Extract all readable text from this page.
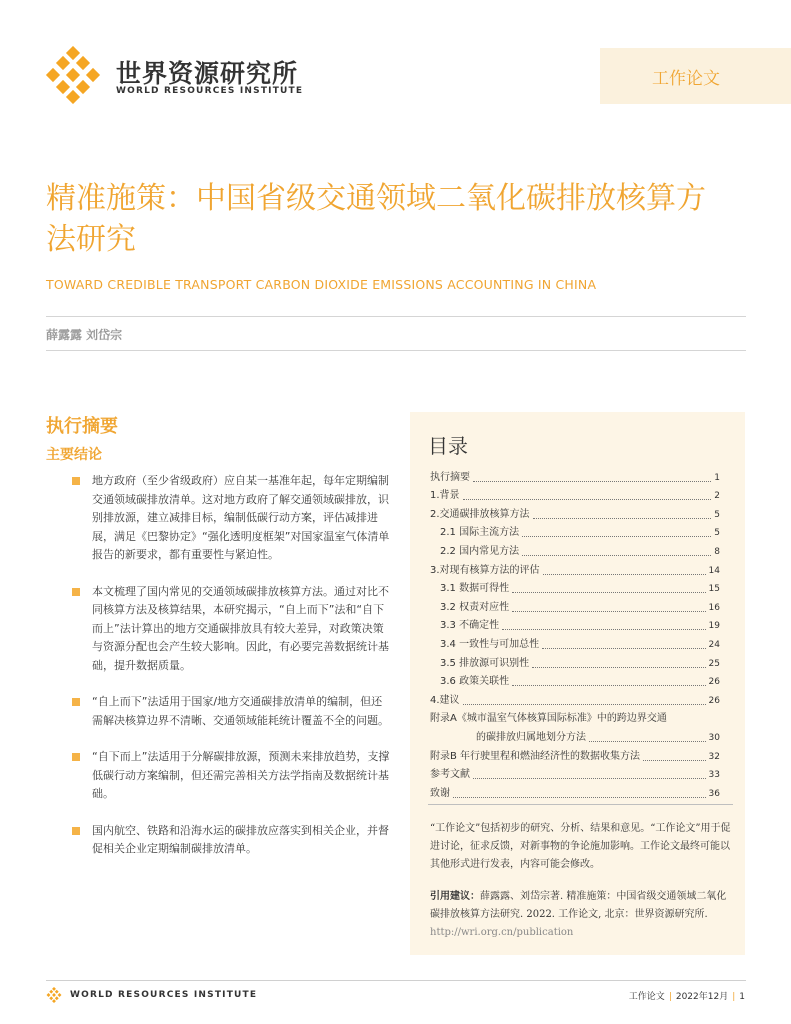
世界资源研究所
WORLD RESOURCES INSTITUTE
工作论文
精准施策：中国省级交通领域二氧化碳排放核算方法研究
TOWARD CREDIBLE TRANSPORT CARBON DIOXIDE EMISSIONS ACCOUNTING IN CHINA
薛露露 刘岱宗
执行摘要
主要结论
地方政府（至少省级政府）应自某一基准年起，每年定期编制交通领域碳排放清单。这对地方政府了解交通领域碳排放，识别排放源，建立减排目标，编制低碳行动方案，评估减排进展，满足《巴黎协定》“强化透明度框架”对国家温室气体清单报告的新要求，都有重要性与紧迫性。
本文梳理了国内常见的交通领域碳排放核算方法。通过对比不同核算方法及核算结果，本研究揭示，“自上而下”法和“自下而上”法计算出的地方交通碳排放具有较大差异，对政策决策与资源分配也会产生较大影响。因此，有必要完善数据统计基础，提升数据质量。
“自上而下”法适用于国家/地方交通碳排放清单的编制，但还需解决核算边界不清晰、交通领域能耗统计覆盖不全的问题。
“自下而上”法适用于分解碳排放源，预测未来排放趋势，支撑低碳行动方案编制，但还需完善相关方法学指南及数据统计基础。
国内航空、铁路和沿海水运的碳排放应落实到相关企业，并督促相关企业定期编制碳排放清单。
目录
执行摘要	1
1.背景	2
2.交通碳排放核算方法	5
2.1 国际主流方法	5
2.2 国内常见方法	8
3.对现有核算方法的评估	14
3.1 数据可得性	15
3.2 权责对应性	16
3.3 不确定性	19
3.4 一致性与可加总性	24
3.5 排放源可识别性	25
3.6 政策关联性	26
4.建议	26
附录A《城市温室气体核算国际标准》中的跨边界交通
的碳排放归属地划分方法	30
附录B 年行驶里程和燃油经济性的数据收集方法	32
参考文献	33
致谢	36
“工作论文”包括初步的研究、分析、结果和意见。“工作论文”用于促进讨论，征求反馈，对新事物的争论施加影响。工作论文最终可能以其他形式进行发表，内容可能会修改。
引用建议：薛露露、刘岱宗著. 精准施策：中国省级交通领域二氧化碳排放核算方法研究. 2022. 工作论文, 北京：世界资源研究所. http://wri.org.cn/publication
WORLD RESOURCES INSTITUTE	工作论文 | 2022年12月 | 1
